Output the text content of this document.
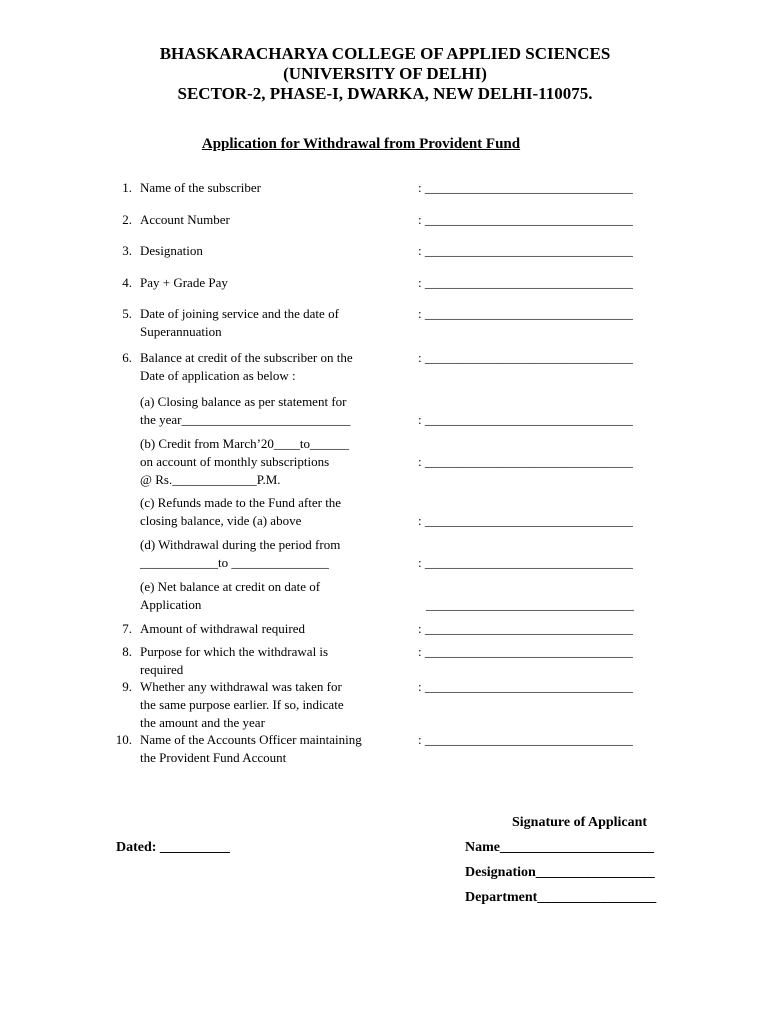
BHASKARACHARYA COLLEGE OF APPLIED SCIENCES
(UNIVERSITY OF DELHI)
SECTOR-2, PHASE-I, DWARKA, NEW DELHI-110075.
Application for Withdrawal from Provident Fund
1. Name of the subscriber	: ________________________________
2. Account Number	: ________________________________
3. Designation	: ________________________________
4. Pay + Grade Pay	: ________________________________
5. Date of joining service and the date of
Superannuation
: ________________________________
6. Balance at credit of the subscriber on the
Date of application as below :
: ________________________________
(a) Closing balance as per statement for
the year__________________________	: ________________________________
(b) Credit from March’20____to______
on account of monthly subscriptions
@ Rs._____________P.M.
: ________________________________
(c) Refunds made to the Fund after the
closing balance, vide (a) above	: ________________________________
(d) Withdrawal during the period from
____________to _______________	: ________________________________
(e) Net balance at credit on date of
Application	________________________________
7. Amount of withdrawal required	: ________________________________
8. Purpose for which the withdrawal is
required
: ________________________________
9. Whether any withdrawal was taken for
the same purpose earlier. If so, indicate
the amount and the year
: ________________________________
10. Name of the Accounts Officer maintaining
the Provident Fund Account
: ________________________________
Signature of Applicant
Dated: __________	Name______________________
Designation_________________
Department_________________
